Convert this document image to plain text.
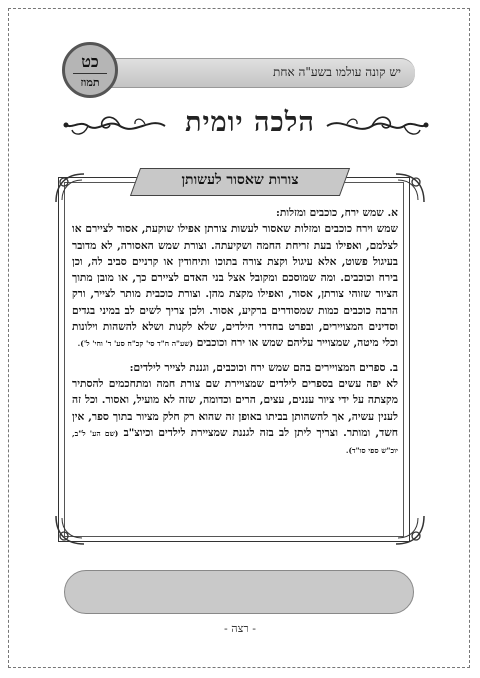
יש קונה עולמו בשע"ה אחת
כט
תמוז
הלכה יומית
צורות שאסור לעשותן

א. שמש ירח, כוכבים ומזלות:
שמש וירח כוכבים ומזלות שאסור לעשות צורתן אפילו שוקעת, אסור לציירם או לצלמם, ואפילו בעת זריחת החמה ושקיעתה. וצורת שמש האסורה, לא מדובר בעיגול פשוט, אלא עיגול וקצת צורה בתוכו ותיחודין או קרניים סביב לה, וכן בירח וכוכבים. ומה שמוסכם ומקובל אצל בני האדם לציירם כך, או מובן מתוך הציור שזוהי צורתן, אסור, ואפילו מקצת מהן. וצורת כוכבית מותר לצייר, ורק הרבה כוכבים כמות שמסודרים ברקיע, אסור. ולכן צריך לשים לב במיני בגדים וסדינים המצויירים, ובפרט בחדרי הילדים, שלא לקנות ושלא להשהות וילונות וכלי מיטה, שמצוייר עליהם שמש או ירח וכוכבים (שע"ה ח"ד סי' קכ"ח סע' ד' וחי' ל').

ב. ספרים המצויירים בהם שמש ירח וכוכבים, וגננת לצייר לילדים:
לא יפה עשים בספרים לילדים שמצויירת שם צורת חמה ומתחכמים להסתיר מקצתה על ידי ציור עננים, עצים, הרים וכדומה, שזה לא מועיל, ואסור. וכל זה לענין עשיה, אך להשהותן בביתו באופן זה שהוא רק חלק מציור בתוך ספר, אין חשד, ומותר. וצריך ליתן לב בזה לגננת שמציירת לילדים וכיוצ"ב (שם הע' ל"ב, יוכ"ש ספי סו"ד).

- רצה -
